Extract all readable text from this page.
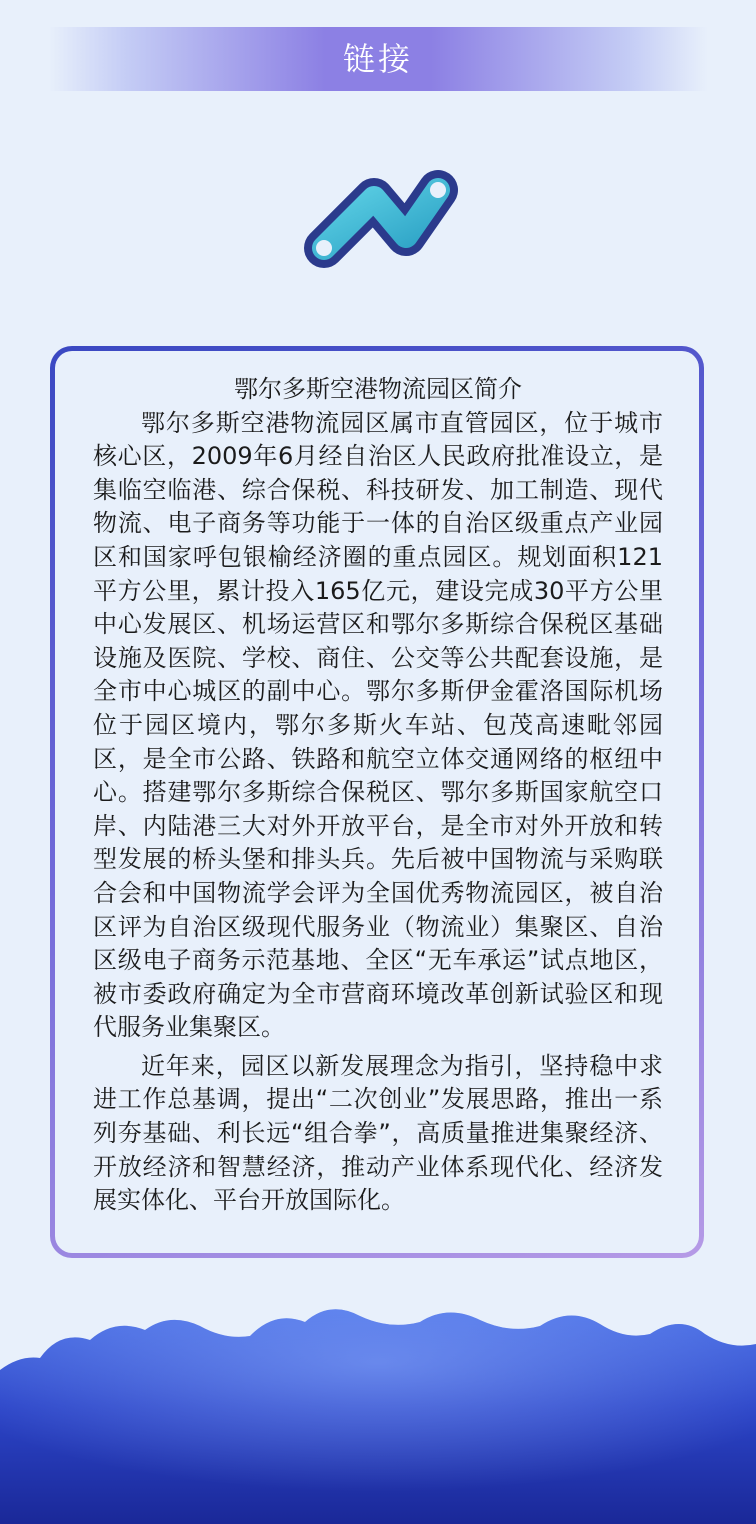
链接
鄂尔多斯空港物流园区简介

鄂尔多斯空港物流园区属市直管园区，位于城市核心区，2009年6月经自治区人民政府批准设立，是集临空临港、综合保税、科技研发、加工制造、现代物流、电子商务等功能于一体的自治区级重点产业园区和国家呼包银榆经济圈的重点园区。规划面积121平方公里，累计投入165亿元，建设完成30平方公里中心发展区、机场运营区和鄂尔多斯综合保税区基础设施及医院、学校、商住、公交等公共配套设施，是全市中心城区的副中心。鄂尔多斯伊金霍洛国际机场位于园区境内，鄂尔多斯火车站、包茂高速毗邻园区，是全市公路、铁路和航空立体交通网络的枢纽中心。搭建鄂尔多斯综合保税区、鄂尔多斯国家航空口岸、内陆港三大对外开放平台，是全市对外开放和转型发展的桥头堡和排头兵。先后被中国物流与采购联合会和中国物流学会评为全国优秀物流园区，被自治区评为自治区级现代服务业（物流业）集聚区、自治区级电子商务示范基地、全区“无车承运”试点地区，被市委政府确定为全市营商环境改革创新试验区和现代服务业集聚区。

近年来，园区以新发展理念为指引，坚持稳中求进工作总基调，提出“二次创业”发展思路，推出一系列夯基础、利长远“组合拳”，高质量推进集聚经济、开放经济和智慧经济，推动产业体系现代化、经济发展实体化、平台开放国际化。
